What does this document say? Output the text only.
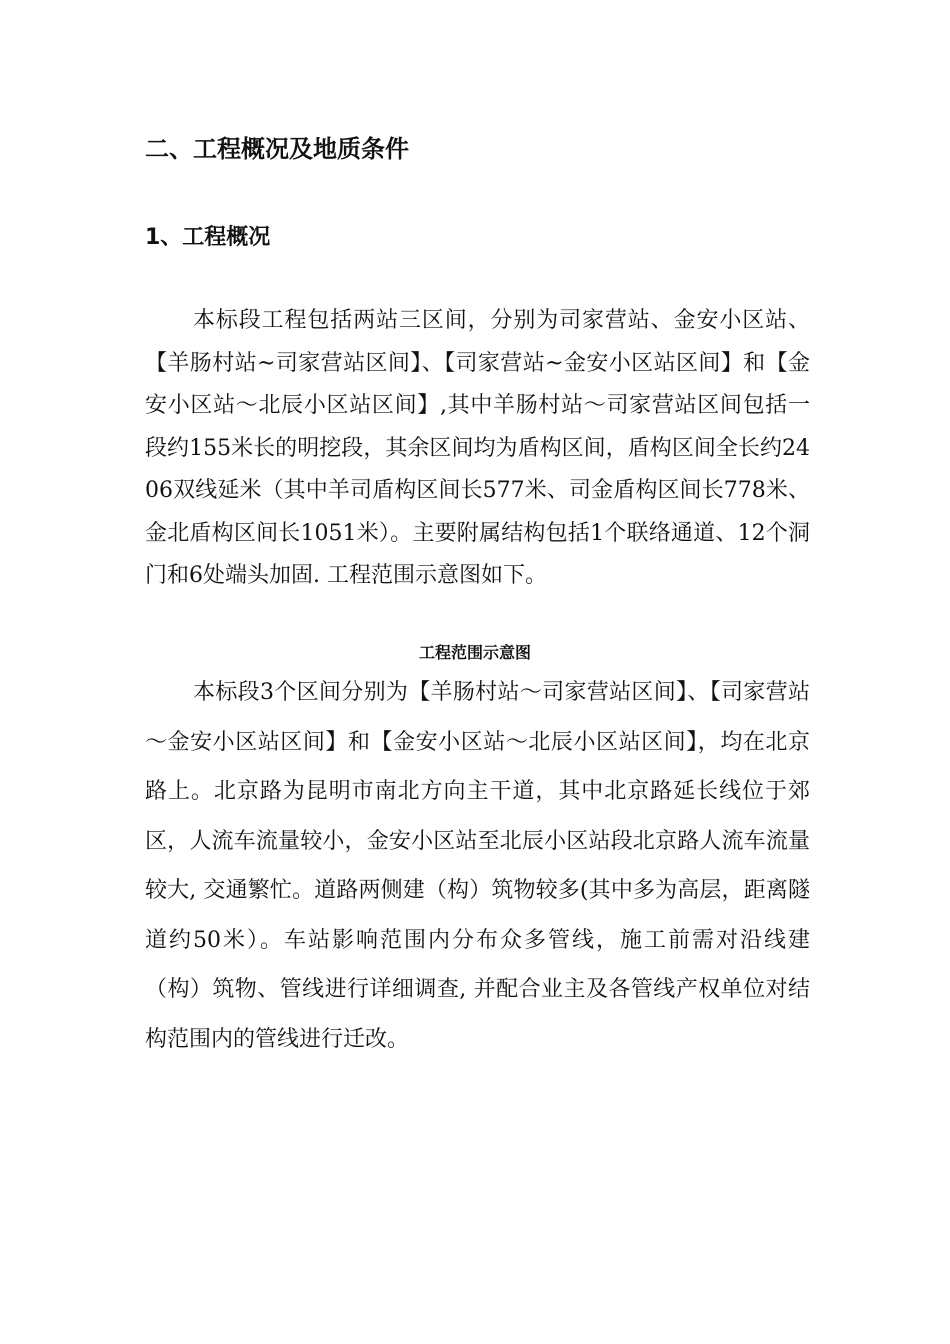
二、工程概况及地质条件
1、工程概况

本标段工程包括两站三区间，分别为司家营站、金安小区站、【羊肠村站~司家营站区间】、【司家营站~金安小区站区间】和【金安小区站～北辰小区站区间】,其中羊肠村站～司家营站区间包括一段约155米长的明挖段，其余区间均为盾构区间，盾构区间全长约2406双线延米（其中羊司盾构区间长577米、司金盾构区间长778米、金北盾构区间长1051米）。主要附属结构包括1个联络通道、12个洞门和6处端头加固. 工程范围示意图如下。

工程范围示意图

本标段3个区间分别为【羊肠村站～司家营站区间】、【司家营站～金安小区站区间】和【金安小区站～北辰小区站区间】，均在北京路上。北京路为昆明市南北方向主干道，其中北京路延长线位于郊区，人流车流量较小，金安小区站至北辰小区站段北京路人流车流量较大, 交通繁忙。道路两侧建（构）筑物较多(其中多为高层，距离隧道约50米）。车站影响范围内分布众多管线，施工前需对沿线建（构）筑物、管线进行详细调查, 并配合业主及各管线产权单位对结构范围内的管线进行迁改。
